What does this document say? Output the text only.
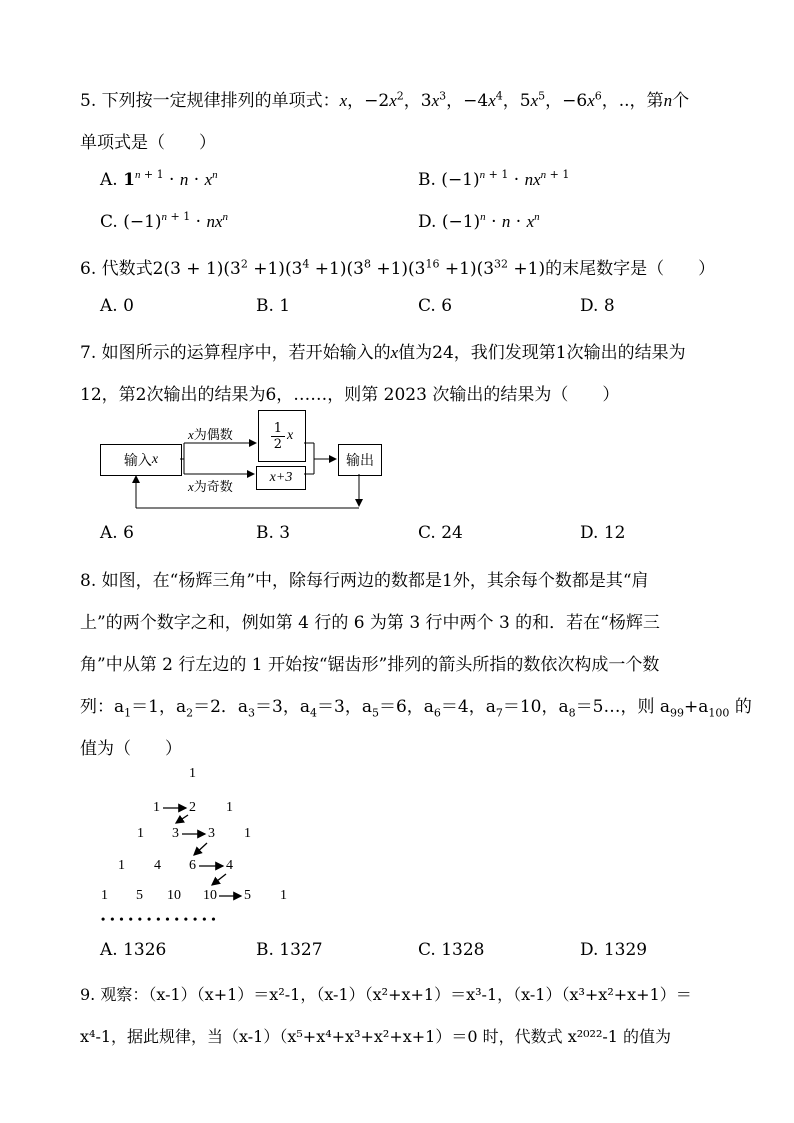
5. 下列按一定规律排列的单项式：x，$-2x^2$，$3x^3$，$-4x^4$，$5x^5$，$-6x^6$，..，第n个
单项式是（　　）
A. $1^{n + 1} \cdot n \cdot x^n$	B. $(-1)^{n + 1} \cdot nx^{n + 1}$
C. $(-1)^{n + 1} \cdot nx^n$	D. $(-1)^n \cdot n \cdot x^n$
6. 代数式$2(3 + 1)(3^2 +1)(3^4 +1)(3^8 +1)(3^{16} +1)(3^{32} +1)$的末尾数字是（　　）
A. 0	B. 1	C. 6	D. 8
7. 如图所示的运算程序中，若开始输入的x值为24，我们发现第1次输出的结果为
12，第2次输出的结果为6，……，则第 2023 次输出的结果为（　　）
输入 x
1
2
x
x+3
输出
x为偶数
x为奇数
A. 6	B. 3	C. 24	D. 12
8. 如图，在“杨辉三角”中，除每行两边的数都是1外，其余每个数都是其“肩
上”的两个数字之和，例如第 4 行的 6 为第 3 行中两个 3 的和．若在“杨辉三
角”中从第 2 行左边的 1 开始按“锯齿形”排列的箭头所指的数依次构成一个数
列：$a_1=1$，$a_2=2$．$a_3=3$，$a_4=3$，$a_5=6$，$a_6=4$，$a_7=10$，$a_8=5\dots$，则 $a_{99}+a_{100}$ 的
值为（　　）
1
1 2 1
1 3 3 1
1 4 6 4
1 5 10 10 5 1
• • • • • • • • • • • • •
A. 1326	B. 1327	C. 1328	D. 1329
9. 观察：（x-1）（x+1）＝x²-1，（x-1）（x²+x+1）＝x³-1，（x-1）（x³+x²+x+1）＝
x⁴-1，据此规律，当（x-1）（x⁵+x⁴+x³+x²+x+1）＝0 时，代数式 x²⁰²²-1 的值为
